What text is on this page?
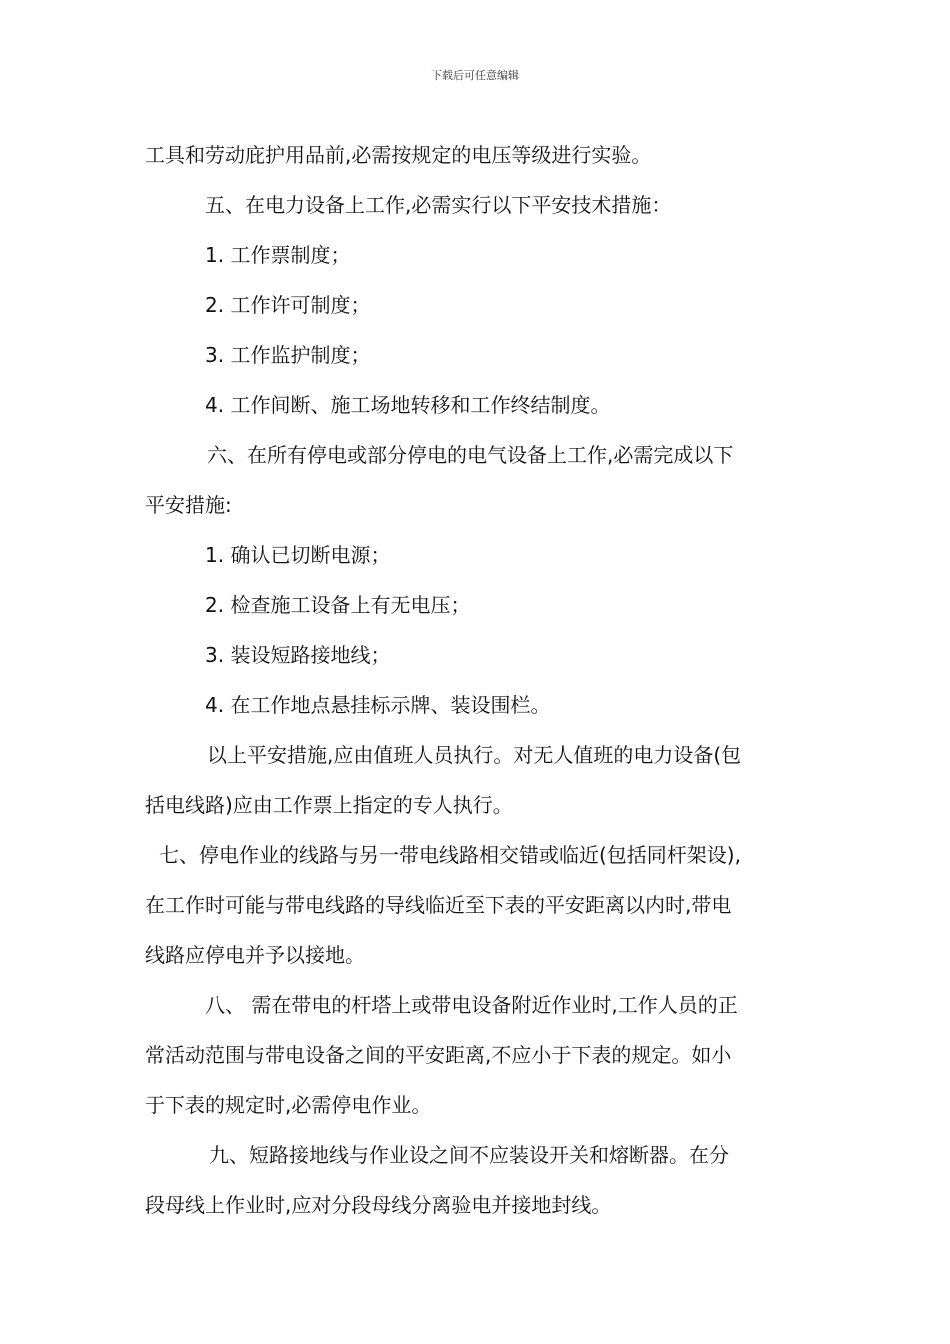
下载后可任意编辑

工具和劳动庇护用品前,必需按规定的电压等级进行实验。

五、在电力设备上工作,必需实行以下平安技术措施：

1. 工作票制度；

2. 工作许可制度；

3. 工作监护制度；

4. 工作间断、施工场地转移和工作终结制度。

六、在所有停电或部分停电的电气设备上工作,必需完成以下

平安措施:

1. 确认已切断电源；

2. 检查施工设备上有无电压；

3. 装设短路接地线；

4. 在工作地点悬挂标示牌、装设围栏。

以上平安措施,应由值班人员执行。对无人值班的电力设备(包

括电线路)应由工作票上指定的专人执行。

七、停电作业的线路与另一带电线路相交错或临近(包括同杆架设),

在工作时可能与带电线路的导线临近至下表的平安距离以内时,带电

线路应停电并予以接地。

八、 需在带电的杆塔上或带电设备附近作业时,工作人员的正

常活动范围与带电设备之间的平安距离,不应小于下表的规定。如小

于下表的规定时,必需停电作业。

九、短路接地线与作业设之间不应装设开关和熔断器。在分

段母线上作业时,应对分段母线分离验电并接地封线。
